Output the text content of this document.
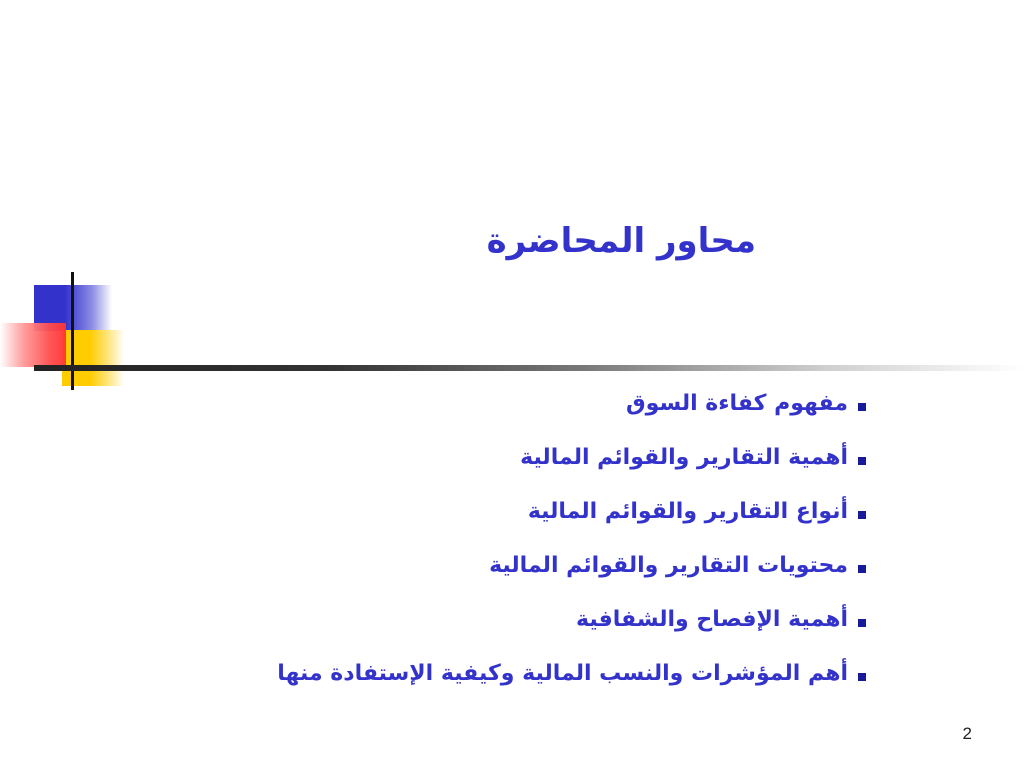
محاور المحاضرة
مفهوم كفاءة السوق
أهمية التقارير والقوائم المالية
أنواع التقارير والقوائم المالية
محتويات التقارير والقوائم المالية
أهمية الإفصاح والشفافية
أهم المؤشرات والنسب المالية وكيفية الإستفادة منها
2
